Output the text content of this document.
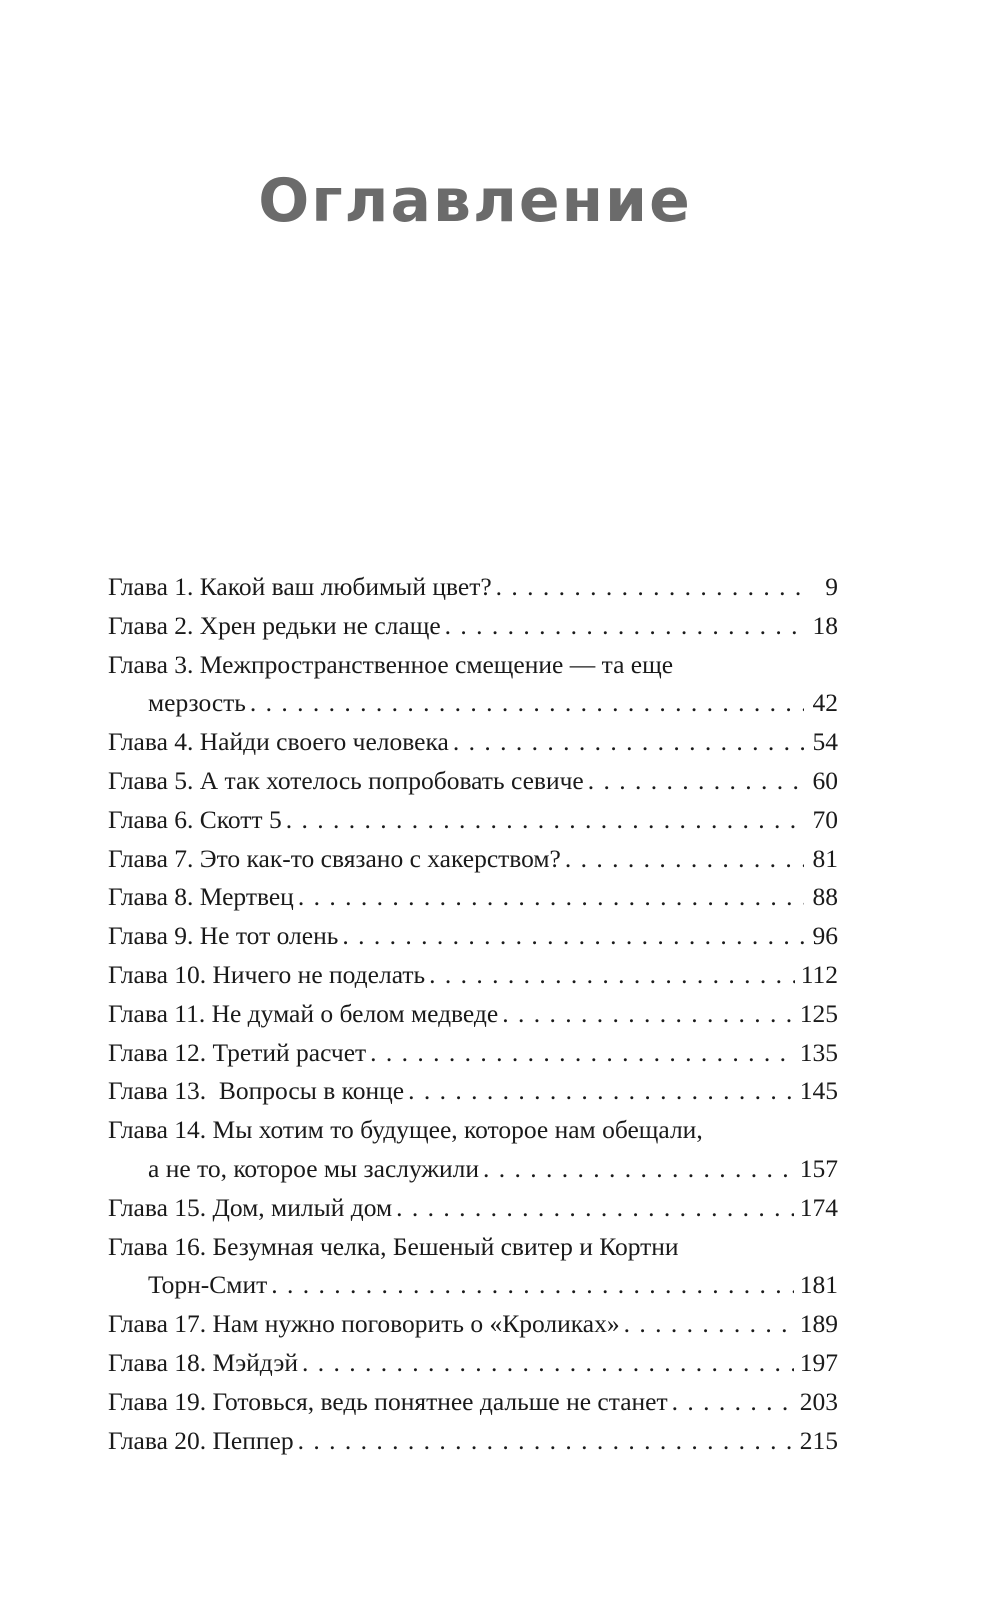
Оглавление
Глава 1. Какой ваш любимый цвет? . . .	9
Глава 2. Хрен редьки не слаще . . .	18
Глава 3. Межпространственное смещение — та еще
мерзость . . .	42
Глава 4. Найди своего человека . . .	54
Глава 5. А так хотелось попробовать севиче . . .	60
Глава 6. Скотт 5 . . .	70
Глава 7. Это как-то связано с хакерством? . . .	81
Глава 8. Мертвец . . .	88
Глава 9. Не тот олень . . .	96
Глава 10. Ничего не поделать . . .	112
Глава 11. Не думай о белом медведе . . .	125
Глава 12. Третий расчет . . .	135
Глава 13.  Вопросы в конце . . .	145
Глава 14. Мы хотим то будущее, которое нам обещали,
а не то, которое мы заслужили . . .	157
Глава 15. Дом, милый дом . . .	174
Глава 16. Безумная челка, Бешеный свитер и Кортни
Торн-Смит . . .	181
Глава 17. Нам нужно поговорить о «Кроликах» . . .	189
Глава 18. Мэйдэй . . .	197
Глава 19. Готовься, ведь понятнее дальше не станет . . .	203
Глава 20. Пеппер . . .	215
